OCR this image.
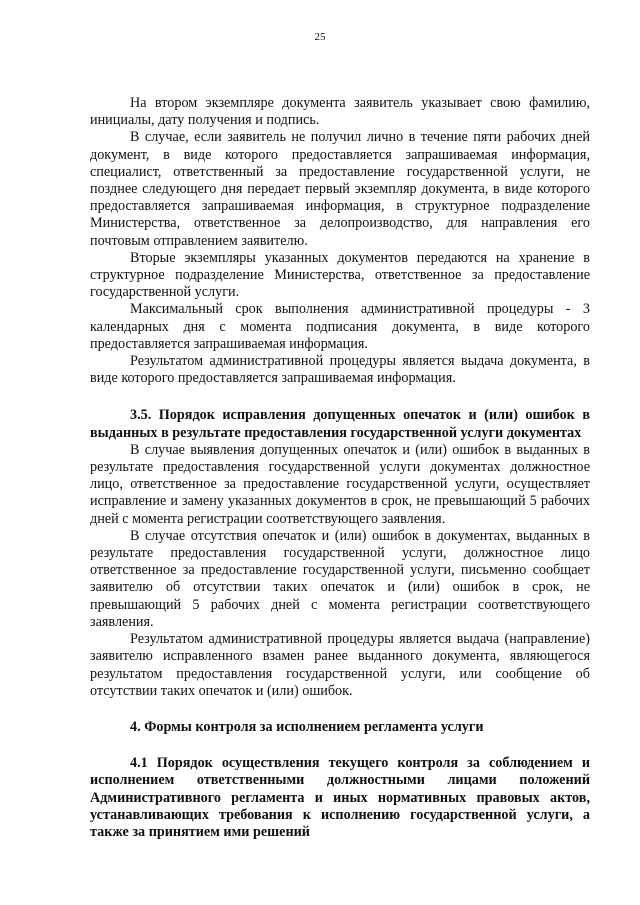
25

На втором экземпляре документа заявитель указывает свою фамилию, инициалы, дату получения и подпись.

В случае, если заявитель не получил лично в течение пяти рабочих дней документ, в виде которого предоставляется запрашиваемая информация, специалист, ответственный за предоставление государственной услуги, не позднее следующего дня передает первый экземпляр документа, в виде которого предоставляется запрашиваемая информация, в структурное подразделение Министерства, ответственное за делопроизводство, для направления его почтовым отправлением заявителю.

Вторые экземпляры указанных документов передаются на хранение в структурное подразделение Министерства, ответственное за предоставление государственной услуги.

Максимальный срок выполнения административной процедуры - 3 календарных дня с момента подписания документа, в виде которого предоставляется запрашиваемая информация.

Результатом административной процедуры является выдача документа, в виде которого предоставляется запрашиваемая информация.

3.5. Порядок исправления допущенных опечаток и (или) ошибок в выданных в результате предоставления государственной услуги документах

В случае выявления допущенных опечаток и (или) ошибок в выданных в результате предоставления государственной услуги документах должностное лицо, ответственное за предоставление государственной услуги, осуществляет исправление и замену указанных документов в срок, не превышающий 5 рабочих дней с момента регистрации соответствующего заявления.

В случае отсутствия опечаток и (или) ошибок в документах, выданных в результате предоставления государственной услуги, должностное лицо ответственное за предоставление государственной услуги, письменно сообщает заявителю об отсутствии таких опечаток и (или) ошибок в срок, не превышающий 5 рабочих дней с момента регистрации соответствующего заявления.

Результатом административной процедуры является выдача (направление) заявителю исправленного взамен ранее выданного документа, являющегося результатом предоставления государственной услуги, или сообщение об отсутствии таких опечаток и (или) ошибок.

4. Формы контроля за исполнением регламента услуги

4.1 Порядок осуществления текущего контроля за соблюдением и исполнением ответственными должностными лицами положений Административного регламента и иных нормативных правовых актов, устанавливающих требования к исполнению государственной услуги, а также за принятием ими решений
